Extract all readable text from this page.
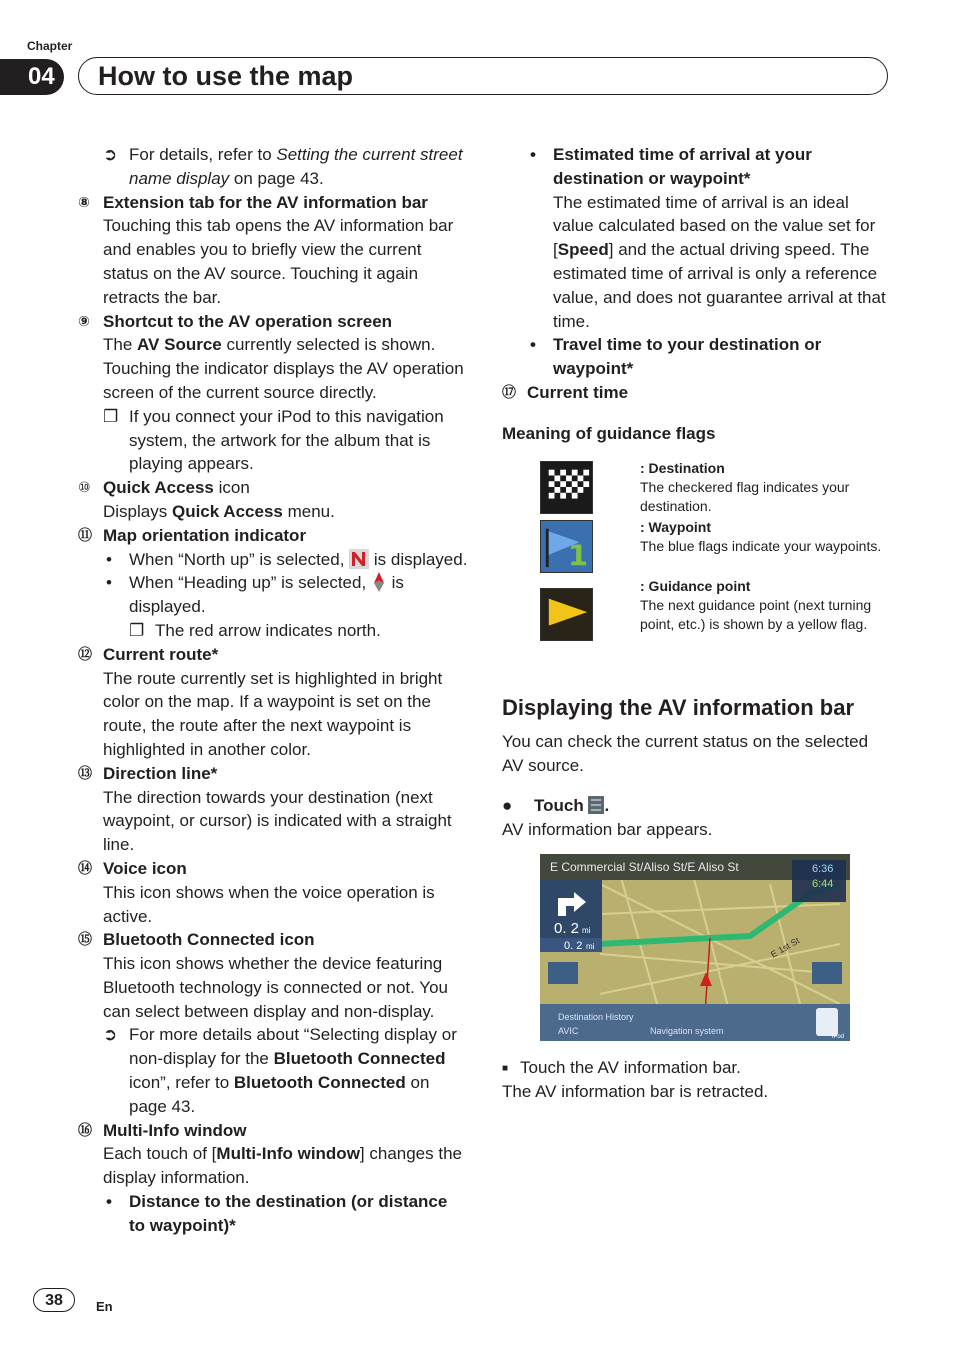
Chapter
04	How to use the map
➲ For details, refer to Setting the current street name display on page 43.
⑧ Extension tab for the AV information bar
Touching this tab opens the AV information bar and enables you to briefly view the current status on the AV source. Touching it again retracts the bar.
⑨ Shortcut to the AV operation screen
The AV Source currently selected is shown. Touching the indicator displays the AV operation screen of the current source directly.
❐ If you connect your iPod to this navigation system, the artwork for the album that is playing appears.
⑩ Quick Access icon
Displays Quick Access menu.
⑪ Map orientation indicator
•	When “North up” is selected,  is displayed.
•	When “Heading up” is selected,  is displayed.
❐ The red arrow indicates north.
⑫ Current route*
The route currently set is highlighted in bright color on the map. If a waypoint is set on the route, the route after the next waypoint is highlighted in another color.
⑬ Direction line*
The direction towards your destination (next waypoint, or cursor) is indicated with a straight line.
⑭ Voice icon
This icon shows when the voice operation is active.
⑮ Bluetooth Connected icon
This icon shows whether the device featuring Bluetooth technology is connected or not. You can select between display and non-display.
➲ For more details about “Selecting display or non-display for the Bluetooth Connected icon”, refer to Bluetooth Connected on page 43.
⑯ Multi-Info window
Each touch of [Multi-Info window] changes the display information.
•	Distance to the destination (or distance to waypoint)*
•	Estimated time of arrival at your destination or waypoint*
The estimated time of arrival is an ideal value calculated based on the value set for [Speed] and the actual driving speed. The estimated time of arrival is only a reference value, and does not guarantee arrival at that time.
•	Travel time to your destination or waypoint*
⑰ Current time
Meaning of guidance flags
1
: Destination
The checkered flag indicates your destination.
: Waypoint
The blue flags indicate your waypoints.
: Guidance point
The next guidance point (next turning point, etc.) is shown by a yellow flag.
Displaying the AV information bar
You can check the current status on the selected AV source.
● Touch .
AV information bar appears.
E Commercial St/Aliso St/E Aliso St
0. 2 mi
0. 2 mi
6:36
6:44
E 1st St
Destination History
AVIC	Navigation system
iPod
■ Touch the AV information bar.
The AV information bar is retracted.
38	En
